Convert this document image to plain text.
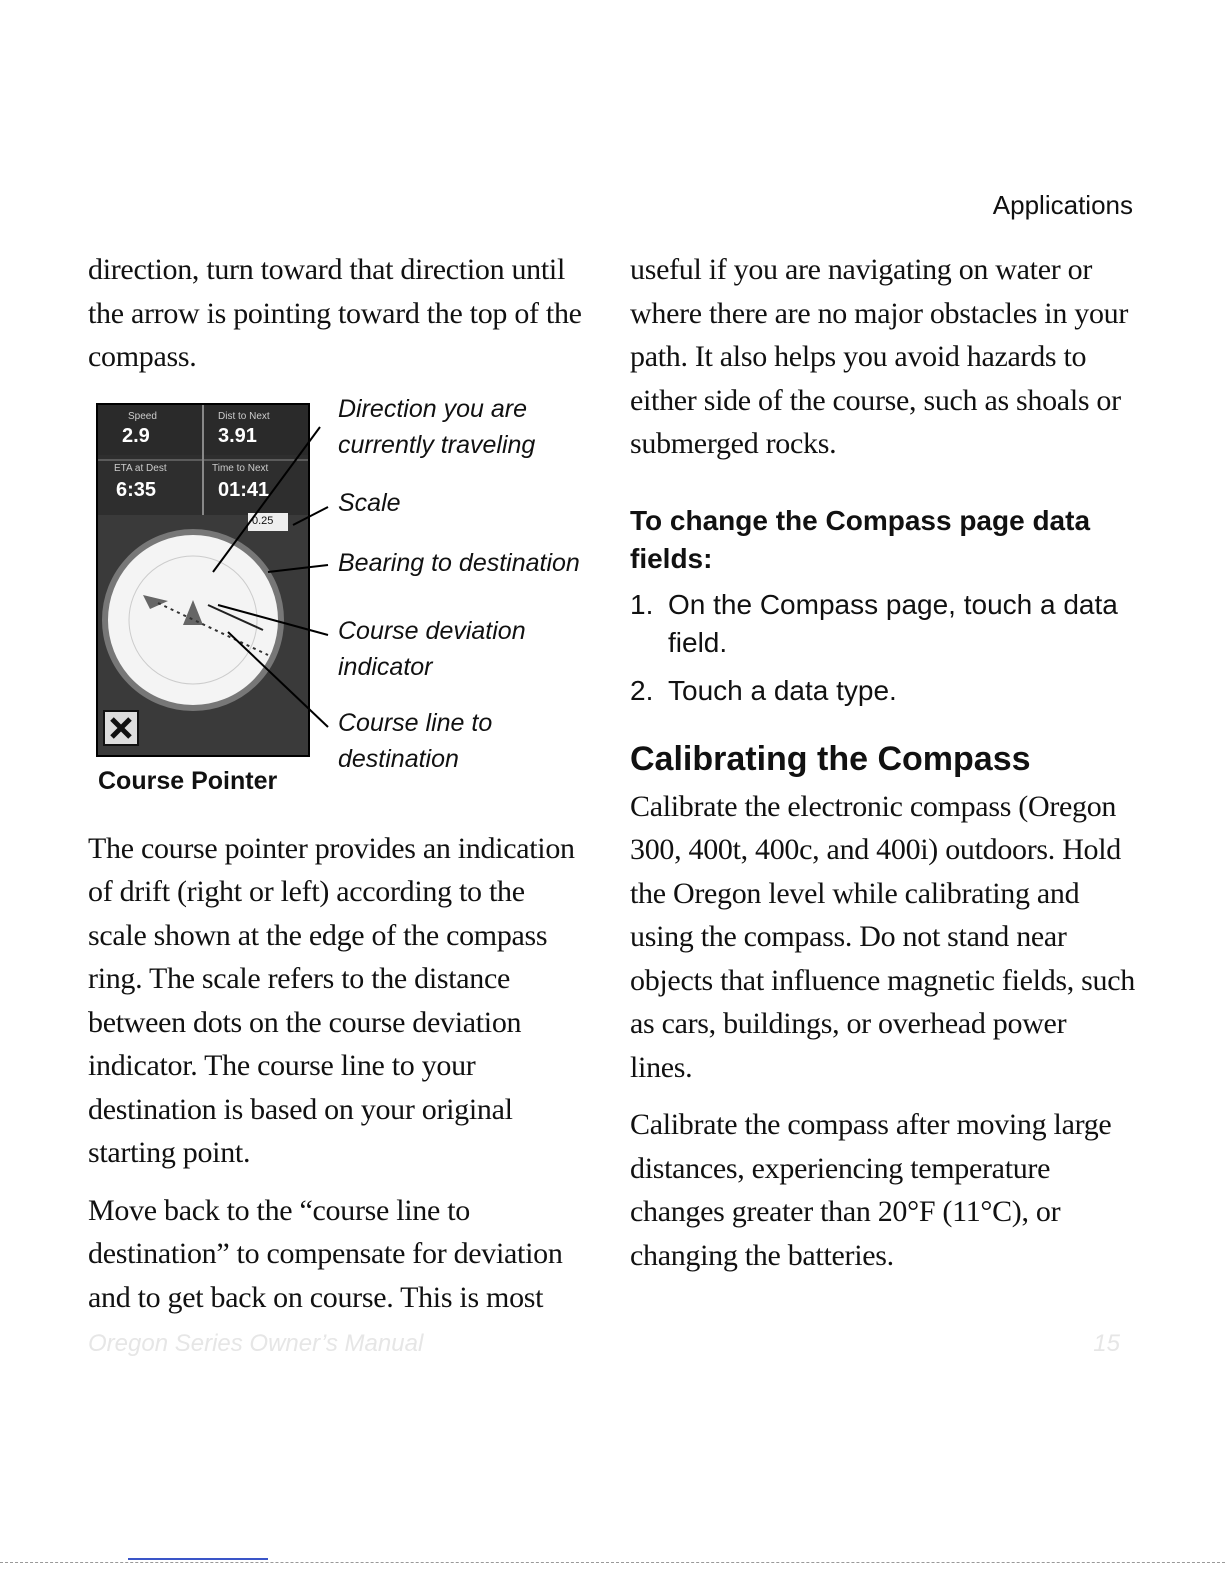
Applications

direction, turn toward that direction until the arrow is pointing toward the top of the compass.

Speed
2.9
Dist to Next
3.91
ETA at Dest
6:35
Time to Next
01:41
0.25
Direction you are currently traveling
Scale
Bearing to destination
Course deviation indicator
Course line to destination
Course Pointer

The course pointer provides an indication of drift (right or left) according to the scale shown at the edge of the compass ring. The scale refers to the distance between dots on the course deviation indicator. The course line to your destination is based on your original starting point.

Move back to the “course line to destination” to compensate for deviation and to get back on course. This is most

useful if you are navigating on water or where there are no major obstacles in your path. It also helps you avoid hazards to either side of the course, such as shoals or submerged rocks.

To change the Compass page data fields:
1. On the Compass page, touch a data field.
2. Touch a data type.
Calibrating the Compass

Calibrate the electronic compass (Oregon 300, 400t, 400c, and 400i) outdoors. Hold the Oregon level while calibrating and using the compass. Do not stand near objects that influence magnetic fields, such as cars, buildings, or overhead power lines.

Calibrate the compass after moving large distances, experiencing temperature changes greater than 20°F (11°C), or changing the batteries.

Oregon Series Owner’s Manual	15
